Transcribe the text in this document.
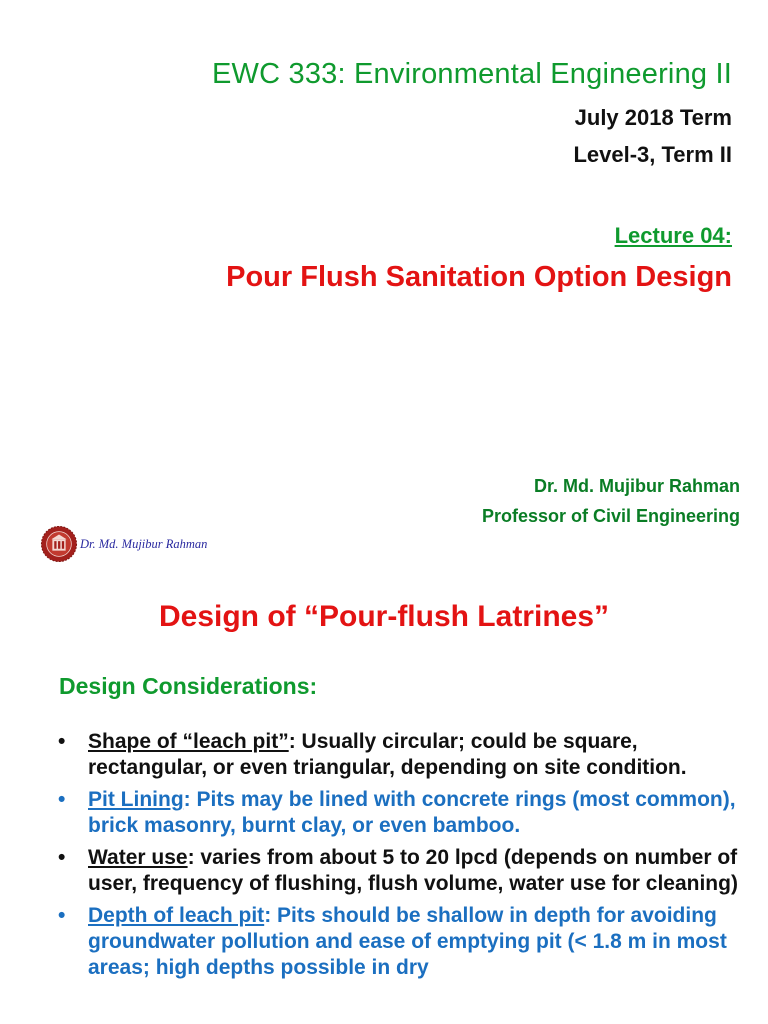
EWC 333: Environmental Engineering II
July 2018 Term
Level-3, Term II
Lecture 04:
Pour Flush Sanitation Option Design
Dr. Md. Mujibur Rahman
Professor of Civil Engineering
Dr. Md. Mujibur Rahman
Design of “Pour-flush Latrines”
Design Considerations:
• Shape of “leach pit”: Usually circular; could be square, rectangular, or even triangular, depending on site condition.
• Pit Lining: Pits may be lined with concrete rings (most common), brick masonry, burnt clay, or even bamboo.
• Water use: varies from about 5 to 20 lpcd (depends on number of user, frequency of flushing, flush volume, water use for cleaning)
• Depth of leach pit: Pits should be shallow in depth for avoiding groundwater pollution and ease of emptying pit (< 1.8 m in most areas; high depths possible in dry
